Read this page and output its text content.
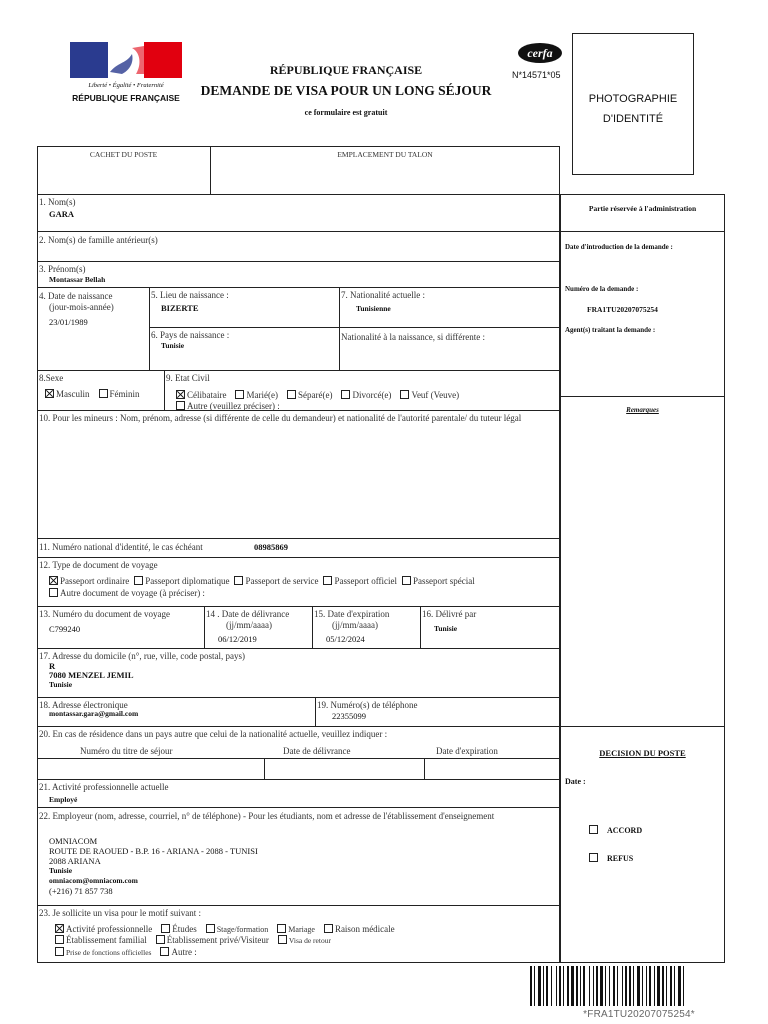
Liberté • Égalité • Fraternité
RÉPUBLIQUE FRANÇAISE
RÉPUBLIQUE FRANÇAISE
DEMANDE DE VISA POUR UN LONG SÉJOUR
ce formulaire est gratuit
cerfa
N*14571*05
PHOTOGRAPHIE
D'IDENTITÉ
CACHET DU POSTE	EMPLACEMENT DU TALON
1. Nom(s)
GARA
2. Nom(s) de famille antérieur(s)
3. Prénom(s)
Montassar Bellah
4. Date de naissance
(jour-mois-année)
23/01/1989
5. Lieu de naissance :
BIZERTE
7. Nationalité actuelle :
Tunisienne
6. Pays de naissance :
Tunisie
Nationalité à la naissance, si différente :
8.Sexe
Masculin Féminin
9. Etat Civil
Célibataire Marié(e) Séparé(e) Divorcé(e) Veuf (Veuve)
Autre (veuillez préciser) :
10. Pour les mineurs : Nom, prénom, adresse (si différente de celle du demandeur) et nationalité de l'autorité parentale/ du tuteur légal
11. Numéro national d'identité, le cas échéant	08985869
12. Type de document de voyage
Passeport ordinaire Passeport diplomatique Passeport de service Passeport officiel Passeport spécial
Autre document de voyage (à préciser) :
13. Numéro du document de voyage
C799240
14 . Date de délivrance
(jj/mm/aaaa)
06/12/2019
15. Date d'expiration
(jj/mm/aaaa)
05/12/2024
16. Délivré par
Tunisie
17. Adresse du domicile (n°, rue, ville, code postal, pays)
R
7080 MENZEL JEMIL
Tunisie
18. Adresse électronique
montassar.gara@gmail.com
19. Numéro(s) de téléphone
22355099
20. En cas de résidence dans un pays autre que celui de la nationalité actuelle, veuillez indiquer :
Numéro du titre de séjour	Date de délivrance	Date d'expiration
21. Activité professionnelle actuelle
Employé
22. Employeur (nom, adresse, courriel, n° de téléphone) - Pour les étudiants, nom et adresse de l'établissement d'enseignement
OMNIACOM
ROUTE DE RAOUED - B.P. 16 - ARIANA - 2088 - TUNISI
2088 ARIANA
Tunisie
omniacom@omniacom.com
(+216) 71 857 738
23. Je sollicite un visa pour le motif suivant :
Activité professionnelle Études	Stage/formation	Mariage Raison médicale
Établissement familial Établissement privé/Visiteur	Visa de retour
Prise de fonctions officielles Autre :
Partie réservée à l'administration
Date d'introduction de la demande :
Numéro de la demande :
FRA1TU20207075254
Agent(s) traitant la demande :
Remarques
DECISION DU POSTE
Date :
ACCORD
REFUS
*FRA1TU20207075254*
